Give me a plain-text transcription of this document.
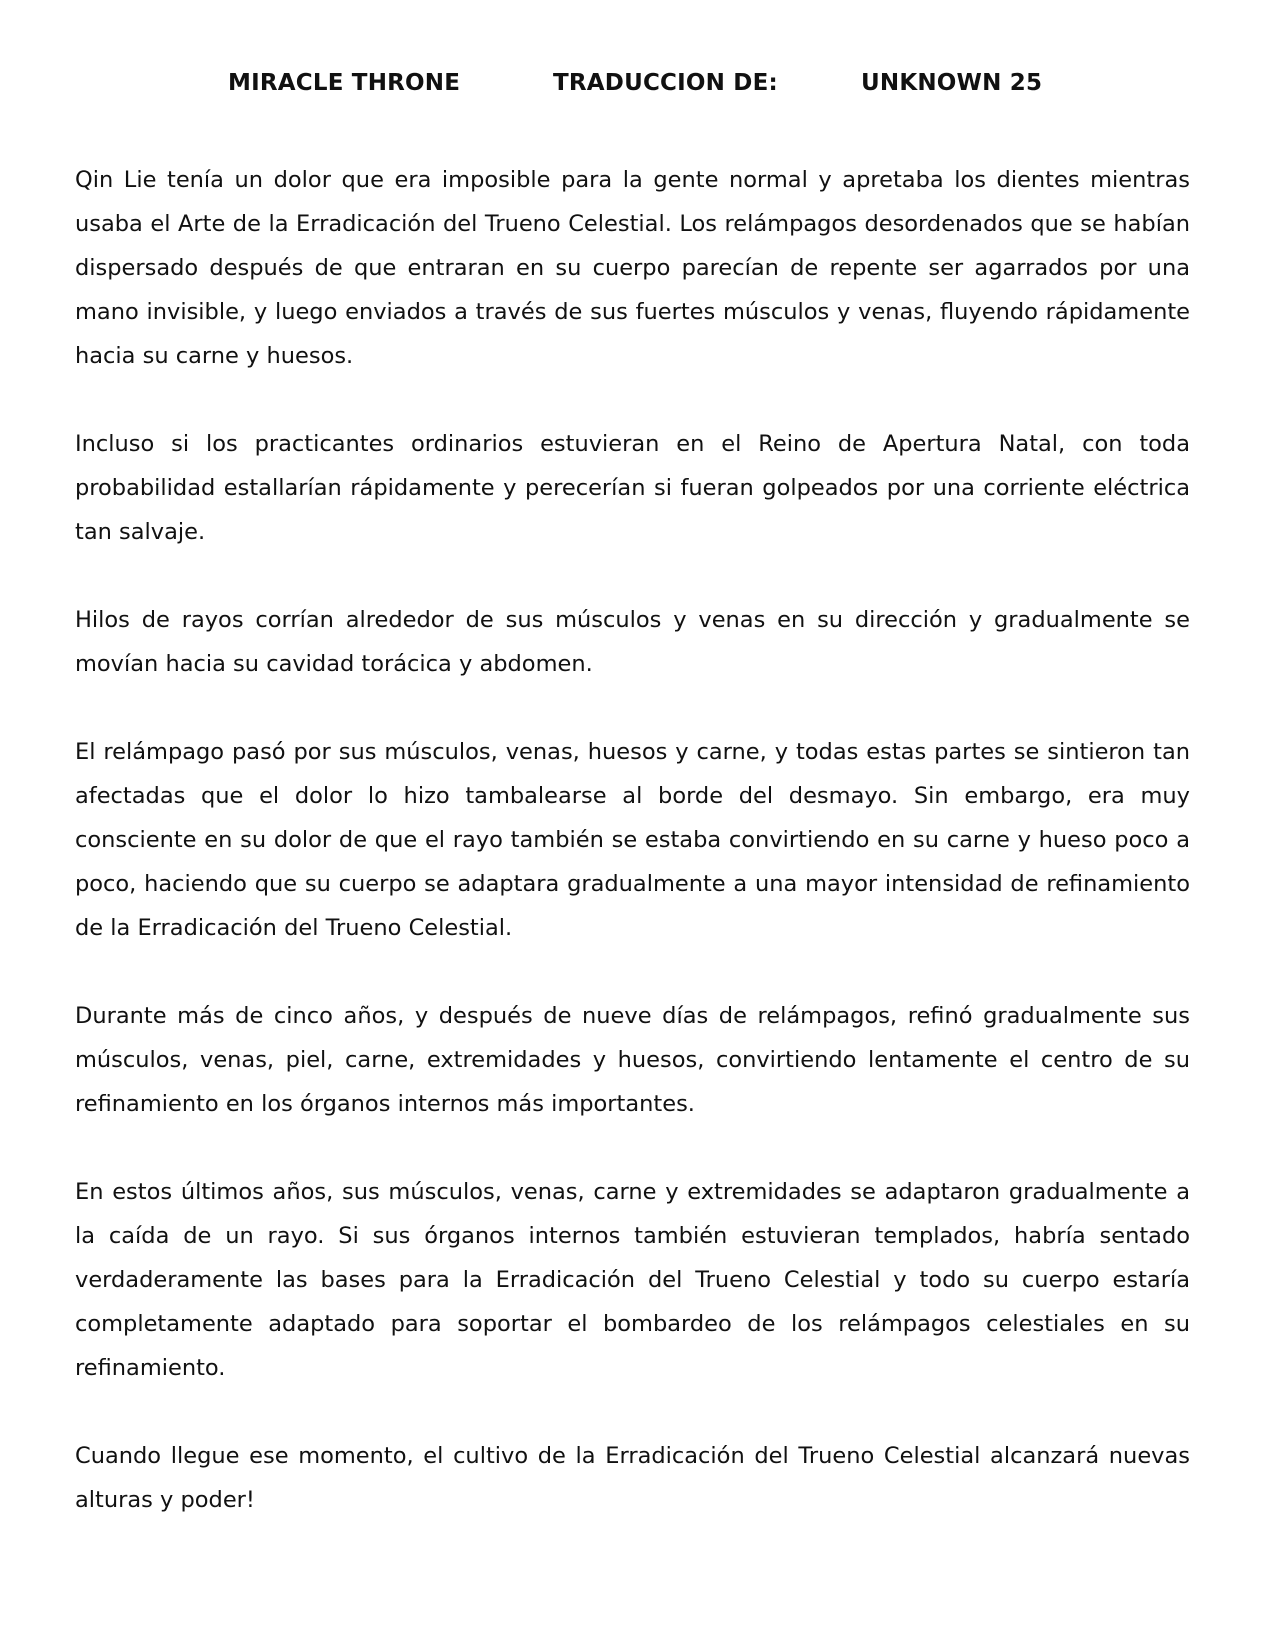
MIRACLE THRONE	TRADUCCION DE:	UNKNOWN 25

Qin Lie tenía un dolor que era imposible para la gente normal y apretaba los dientes mientras usaba el Arte de la Erradicación del Trueno Celestial. Los relámpagos desordenados que se habían dispersado después de que entraran en su cuerpo parecían de repente ser agarrados por una mano invisible, y luego enviados a través de sus fuertes músculos y venas, fluyendo rápidamente hacia su carne y huesos.

Incluso si los practicantes ordinarios estuvieran en el Reino de Apertura Natal, con toda probabilidad estallarían rápidamente y perecerían si fueran golpeados por una corriente eléctrica tan salvaje.

Hilos de rayos corrían alrededor de sus músculos y venas en su dirección y gradualmente se movían hacia su cavidad torácica y abdomen.

El relámpago pasó por sus músculos, venas, huesos y carne, y todas estas partes se sintieron tan afectadas que el dolor lo hizo tambalearse al borde del desmayo. Sin embargo, era muy consciente en su dolor de que el rayo también se estaba convirtiendo en su carne y hueso poco a poco, haciendo que su cuerpo se adaptara gradualmente a una mayor intensidad de refinamiento de la Erradicación del Trueno Celestial.

Durante más de cinco años, y después de nueve días de relámpagos, refinó gradualmente sus músculos, venas, piel, carne, extremidades y huesos, convirtiendo lentamente el centro de su refinamiento en los órganos internos más importantes.

En estos últimos años, sus músculos, venas, carne y extremidades se adaptaron gradualmente a la caída de un rayo. Si sus órganos internos también estuvieran templados, habría sentado verdaderamente las bases para la Erradicación del Trueno Celestial y todo su cuerpo estaría completamente adaptado para soportar el bombardeo de los relámpagos celestiales en su refinamiento.

Cuando llegue ese momento, el cultivo de la Erradicación del Trueno Celestial alcanzará nuevas alturas y poder!
